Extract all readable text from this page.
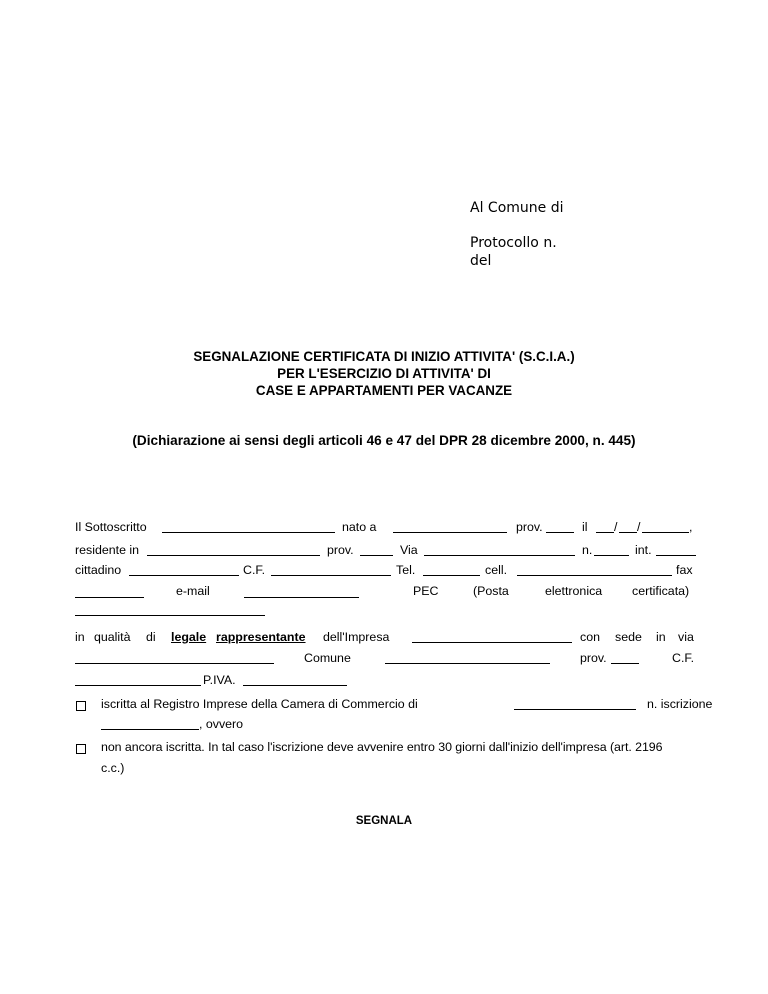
Al Comune di
Protocollo n.
del
SEGNALAZIONE CERTIFICATA DI INIZIO ATTIVITA' (S.C.I.A.)
PER L'ESERCIZIO DI ATTIVITA' DI
CASE E APPARTAMENTI PER VACANZE
(Dichiarazione ai sensi degli articoli 46 e 47 del DPR 28 dicembre 2000, n. 445)
Il Sottoscritto	nato a	prov.	il / /	,
residente in	prov.	Via	n.	int.
cittadino	C.F.	Tel.	cell.	fax
e-mail	PEC	(Posta	elettronica certificata)
in qualità di legale rappresentante dell'Impresa	con sede in via
Comune	prov.	C.F.
P.IVA.
iscritta al Registro Imprese della Camera di Commercio di	n. iscrizione
, ovvero
non ancora iscritta. In tal caso l'iscrizione deve avvenire entro 30 giorni dall'inizio dell'impresa (art. 2196
c.c.)
SEGNALA
